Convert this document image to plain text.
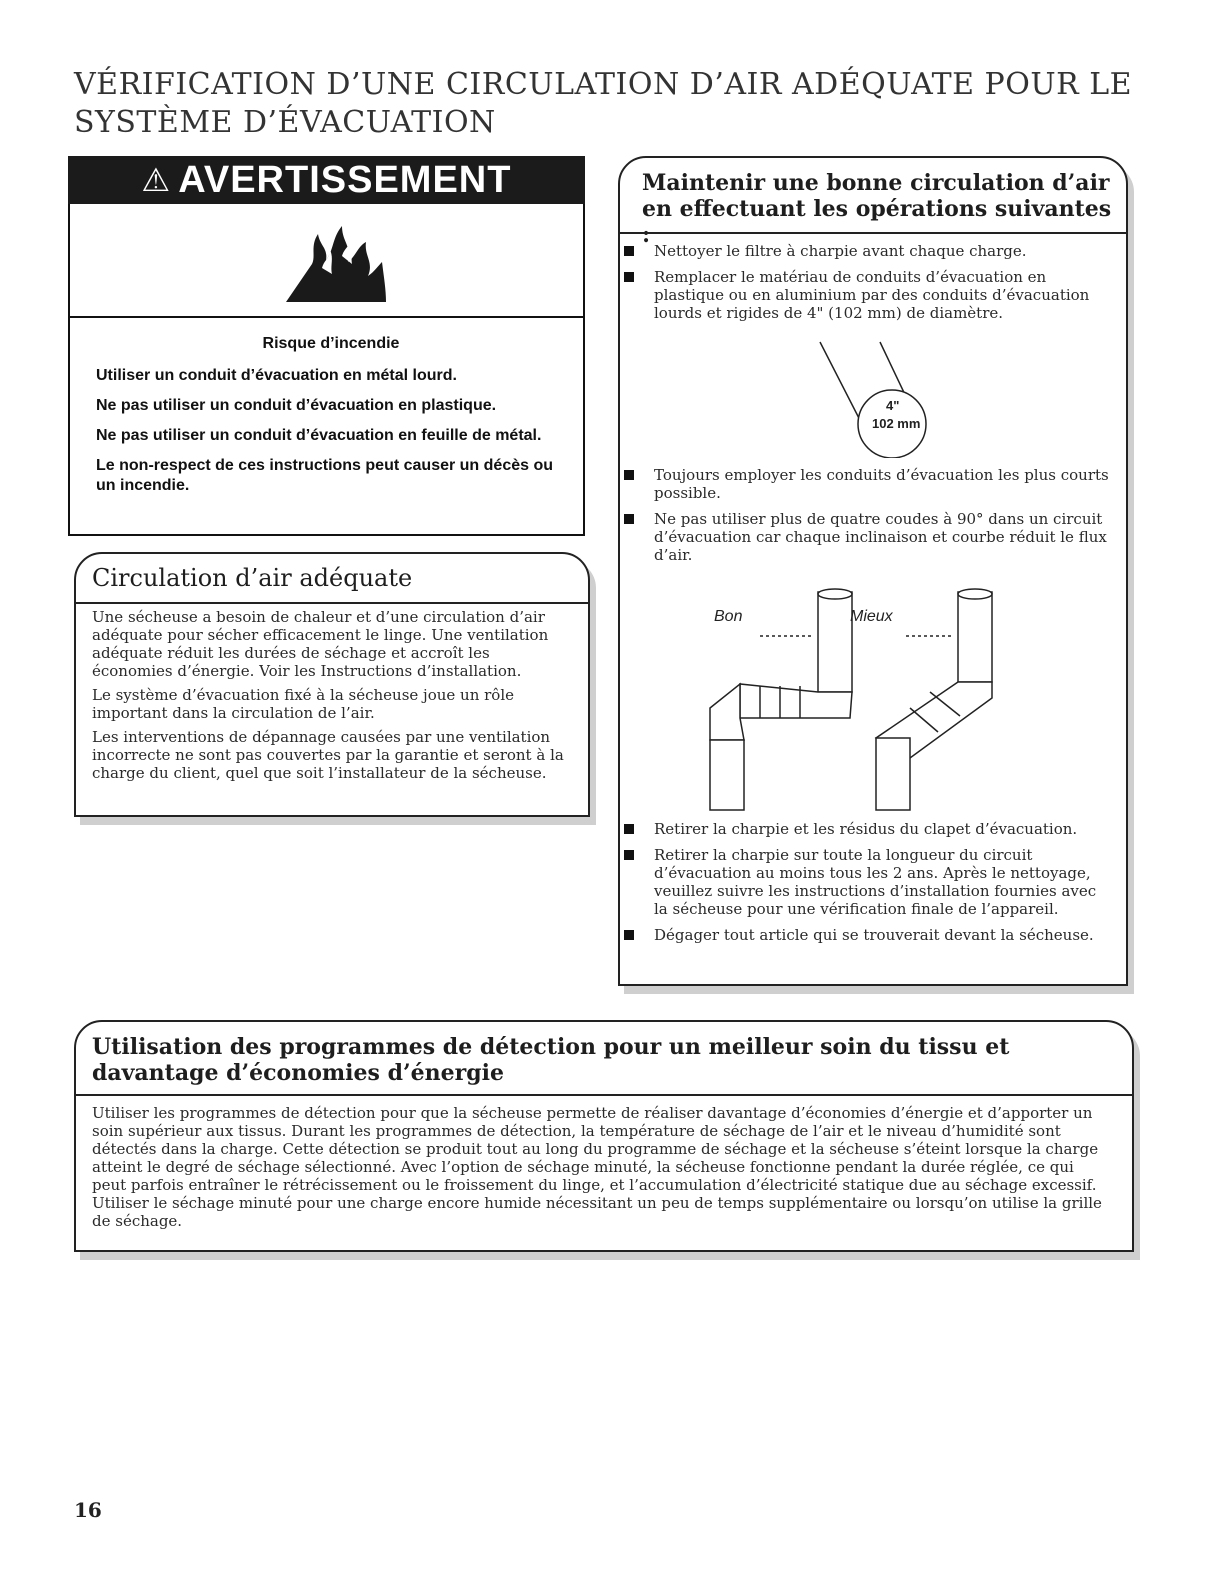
VÉRIFICATION D’UNE CIRCULATION D’AIR ADÉQUATE POUR LE SYSTÈME D’ÉVACUATION
⚠ AVERTISSEMENT

Risque d’incendie

Utiliser un conduit d’évacuation en métal lourd.

Ne pas utiliser un conduit d’évacuation en plastique.

Ne pas utiliser un conduit d’évacuation en feuille de métal.

Le non-respect de ces instructions peut causer un décès ou un incendie.

Circulation d’air adéquate

Une sécheuse a besoin de chaleur et d’une circulation d’air adéquate pour sécher efficacement le linge. Une ventilation adéquate réduit les durées de séchage et accroît les économies d’énergie. Voir les Instructions d’installation.

Le système d’évacuation fixé à la sécheuse joue un rôle important dans la circulation de l’air.

Les interventions de dépannage causées par une ventilation incorrecte ne sont pas couvertes par la garantie et seront à la charge du client, quel que soit l’installateur de la sécheuse.

Maintenir une bonne circulation d’air en effectuant les opérations suivantes :
Nettoyer le filtre à charpie avant chaque charge.
Remplacer le matériau de conduits d’évacuation en plastique ou en aluminium par des conduits d’évacuation lourds et rigides de 4" (102 mm) de diamètre.
4"
102 mm
Toujours employer les conduits d’évacuation les plus courts possible.
Ne pas utiliser plus de quatre coudes à 90° dans un circuit d’évacuation car chaque inclinaison et courbe réduit le flux d’air.
Bon	Mieux
Retirer la charpie et les résidus du clapet d’évacuation.
Retirer la charpie sur toute la longueur du circuit d’évacuation au moins tous les 2 ans. Après le nettoyage, veuillez suivre les instructions d’installation fournies avec la sécheuse pour une vérification finale de l’appareil.
Dégager tout article qui se trouverait devant la sécheuse.
Utilisation des programmes de détection pour un meilleur soin du tissu et davantage d’économies d’énergie

Utiliser les programmes de détection pour que la sécheuse permette de réaliser davantage d’économies d’énergie et d’apporter un soin supérieur aux tissus. Durant les programmes de détection, la température de séchage de l’air et le niveau d’humidité sont détectés dans la charge. Cette détection se produit tout au long du programme de séchage et la sécheuse s’éteint lorsque la charge atteint le degré de séchage sélectionné. Avec l’option de séchage minuté, la sécheuse fonctionne pendant la durée réglée, ce qui peut parfois entraîner le rétrécissement ou le froissement du linge, et l’accumulation d’électricité statique due au séchage excessif. Utiliser le séchage minuté pour une charge encore humide nécessitant un peu de temps supplémentaire ou lorsqu’on utilise la grille de séchage.

16
